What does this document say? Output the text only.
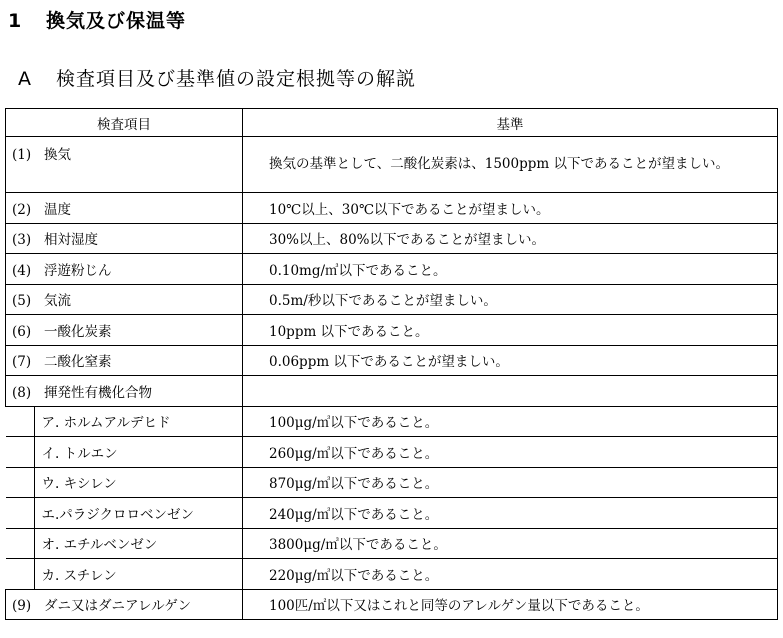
1 換気及び保温等
A 検査項目及び基準値の設定根拠等の解説
検査項目	基準
(1) 換気	換気の基準として、二酸化炭素は、1500ppm 以下であることが望ましい。
(2) 温度	10℃以上、30℃以下であることが望ましい。
(3) 相対湿度	30%以上、80%以下であることが望ましい。
(4) 浮遊粉じん	0.10mg/㎥以下であること。
(5) 気流	0.5m/秒以下であることが望ましい。
(6) 一酸化炭素	10ppm 以下であること。
(7) 二酸化窒素	0.06ppm 以下であることが望ましい。
(8) 揮発性有機化合物	
ア. ホルムアルデヒド	100μg/㎥以下であること。
イ. トルエン	260μg/㎥以下であること。
ウ. キシレン	870μg/㎥以下であること。
エ.パラジクロロベンゼン	240μg/㎥以下であること。
オ. エチルベンゼン	3800μg/㎥以下であること。
カ. スチレン	220μg/㎥以下であること。
(9) ダニ又はダニアレルゲン	100匹/㎡以下又はこれと同等のアレルゲン量以下であること。
